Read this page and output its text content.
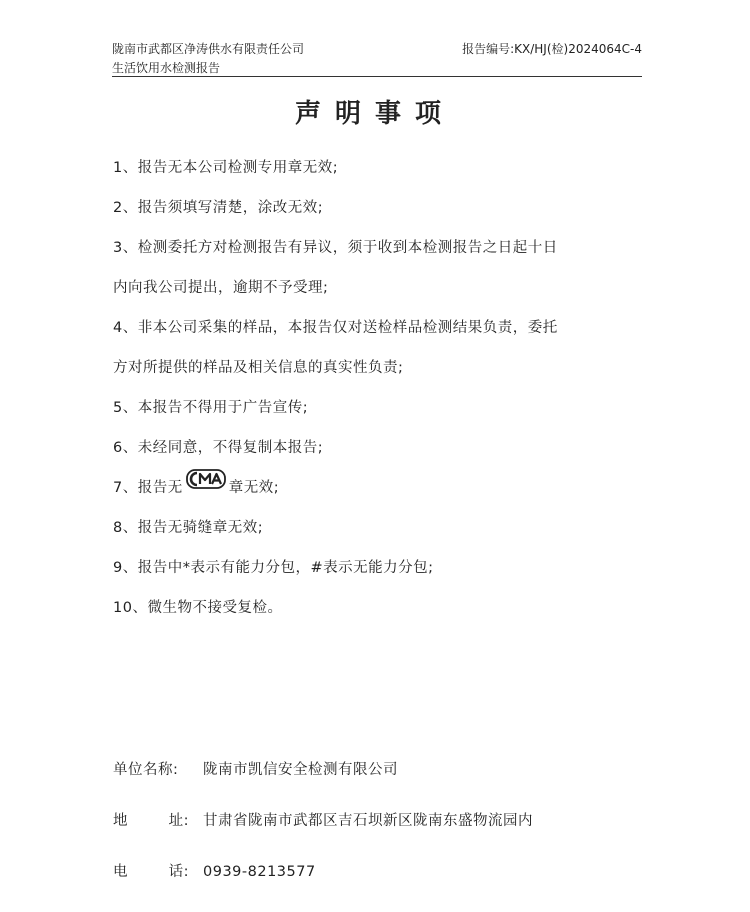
陇南市武都区净涛供水有限责任公司	报告编号:KX/HJ(检)2024064C-4
生活饮用水检测报告
声明事项
1、报告无本公司检测专用章无效;
2、报告须填写清楚，涂改无效;
3、检测委托方对检测报告有异议，须于收到本检测报告之日起十日
内向我公司提出，逾期不予受理;
4、非本公司采集的样品，本报告仅对送检样品检测结果负责，委托
方对所提供的样品及相关信息的真实性负责;
5、本报告不得用于广告宣传;
6、未经同意，不得复制本报告;
7、报告无	章无效;
8、报告无骑缝章无效;
9、报告中*表示有能力分包，#表示无能力分包;
10、微生物不接受复检。
单位名称:	陇南市凯信安全检测有限公司
地	址: 甘肃省陇南市武都区吉石坝新区陇南东盛物流园内
电	话: 0939-8213577
